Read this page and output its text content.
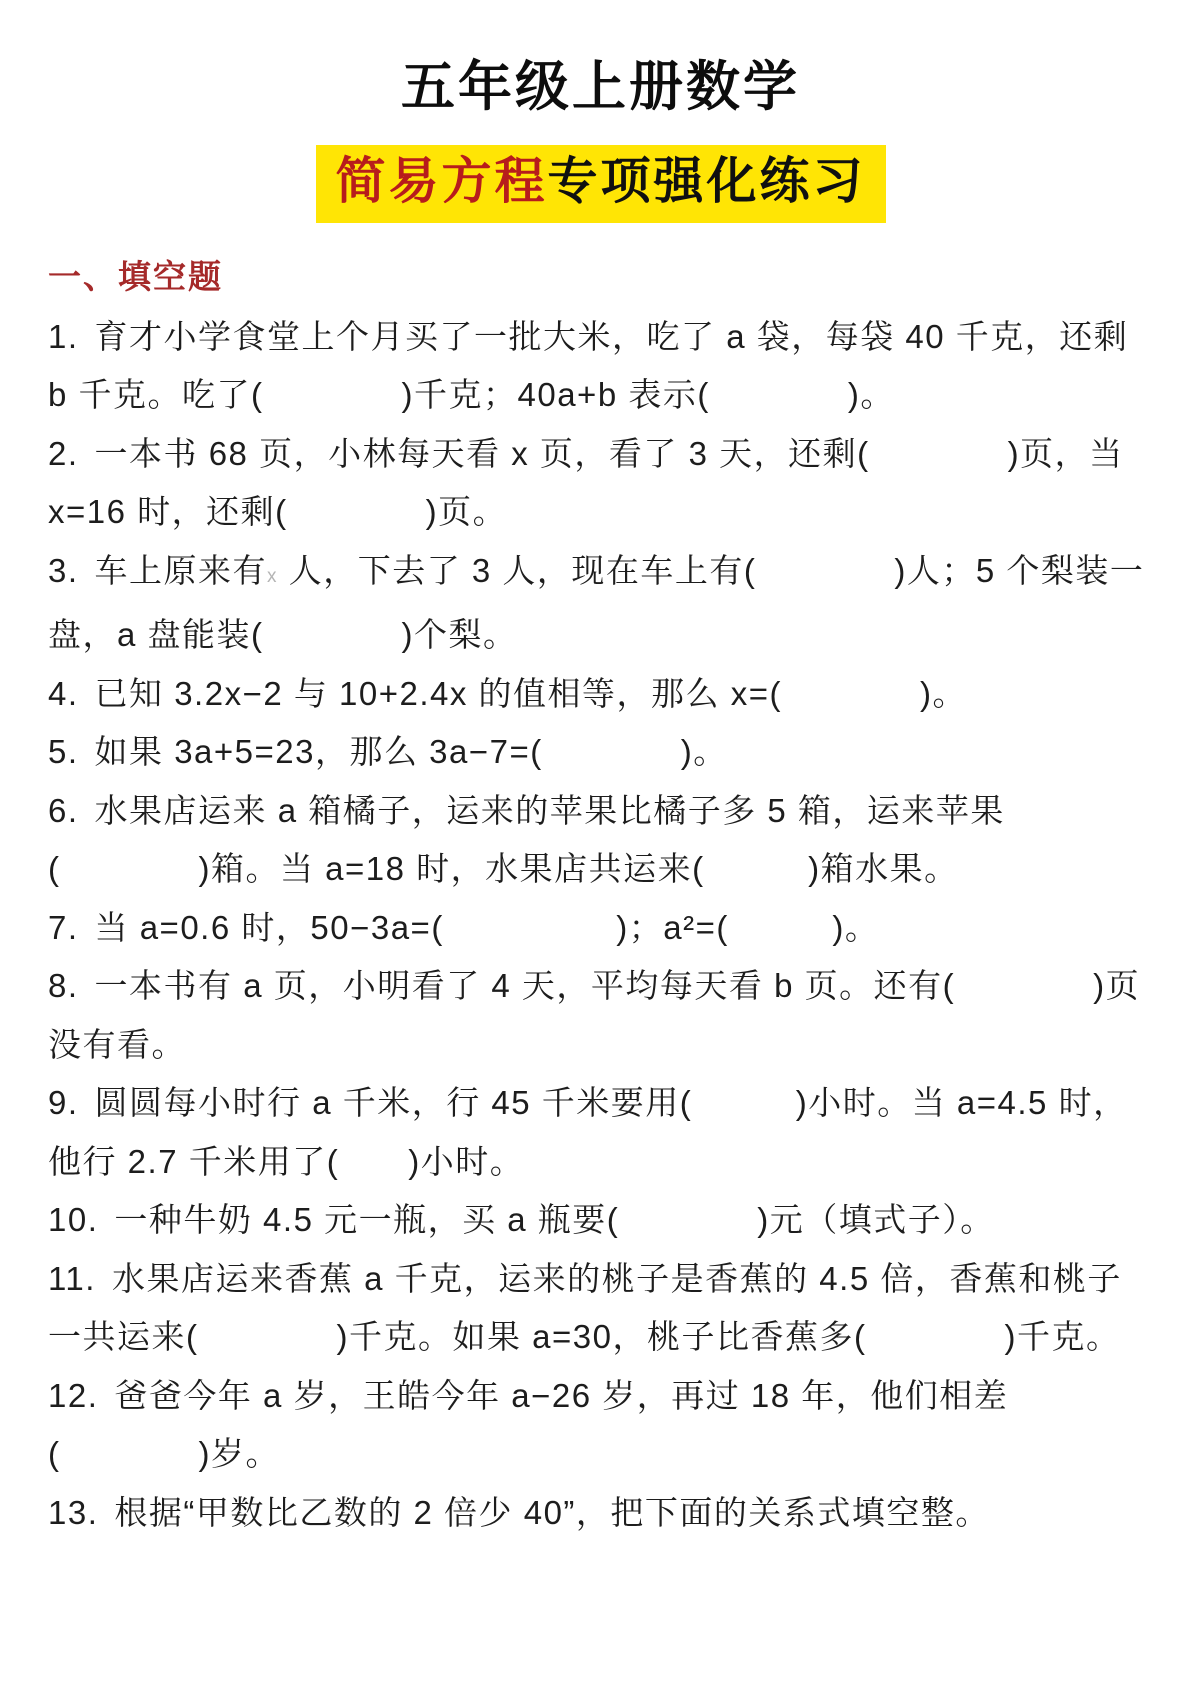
五年级上册数学
简易方程专项强化练习
一、填空题

1. 育才小学食堂上个月买了一批大米，吃了 a 袋，每袋 40 千克，还剩 b 千克。吃了(　　　　)千克；40a+b 表示(　　　　)。

2. 一本书 68 页，小林每天看 x 页，看了 3 天，还剩(　　　　)页，当 x=16 时，还剩(　　　　)页。

3. 车上原来有x 人，下去了 3 人，现在车上有(　　　　)人；5 个梨装一盘，a 盘能装(　　　　)个梨。

4. 已知 3.2x−2 与 10+2.4x 的值相等，那么 x=(　　　　)。

5. 如果 3a+5=23，那么 3a−7=(　　　　)。

6. 水果店运来 a 箱橘子，运来的苹果比橘子多 5 箱，运来苹果(　　　　)箱。当 a=18 时，水果店共运来(　　　)箱水果。

7. 当 a=0.6 时，50−3a=(　　　　　)；a²=(　　　)。

8. 一本书有 a 页，小明看了 4 天，平均每天看 b 页。还有(　　　　)页没有看。

9. 圆圆每小时行 a 千米，行 45 千米要用(　　　)小时。当 a=4.5 时，他行 2.7 千米用了(　　)小时。

10. 一种牛奶 4.5 元一瓶，买 a 瓶要(　　　　)元（填式子）。

11. 水果店运来香蕉 a 千克，运来的桃子是香蕉的 4.5 倍，香蕉和桃子一共运来(　　　　)千克。如果 a=30，桃子比香蕉多(　　　　)千克。

12. 爸爸今年 a 岁，王皓今年 a−26 岁，再过 18 年，他们相差(　　　　)岁。

13. 根据“甲数比乙数的 2 倍少 40”，把下面的关系式填空整。
